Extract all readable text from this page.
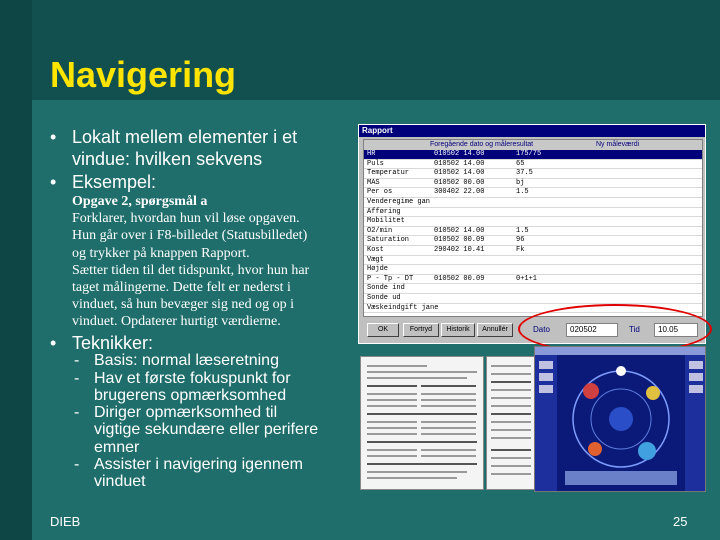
Navigering
• Lokalt mellem elementer i et
vindue: hvilken sekvens
• Eksempel:
Opgave 2, spørgsmål a
Forklarer, hvordan hun vil løse opgaven.
Hun går over i F8-billedet (Statusbilledet)
og trykker på knappen Rapport.
Sætter tiden til det tidspunkt, hvor hun har
taget målingerne. Dette felt er nederst i
vinduet, så hun bevæger sig ned og op i
vinduet. Opdaterer hurtigt værdierne.
• Teknikker:
- Basis: normal læseretning
- Hav et første fokuspunkt for
brugerens opmærksomhed
- Diriger opmærksomhed til
vigtige sekundære eller perifere
emner
- Assister i navigering igennem
vinduet
Rapport
Foregående dato og måleresultat	Ny måleværdi
HR	010502 14.00	175/75
Puls	010502 14.00	65
Temperatur	010502 14.00	37.5
MAS	010502 00.00	bj
Per os	300402 22.00	1.5
Venderegime gan
Afføring
Mobilitet
O2/min	010502 14.00	1.5
Saturation	010502 00.09	96
Kost	290402 10.41	Fk
Vægt
Højde
P - Tp - DT	010502 00.09	0+1+1
Sonde ind
Sonde ud
Væskeindgift jane
OK	Fortryd	Historik	Annullér	Dato	020502	Tid	10.05
DIEB	25
